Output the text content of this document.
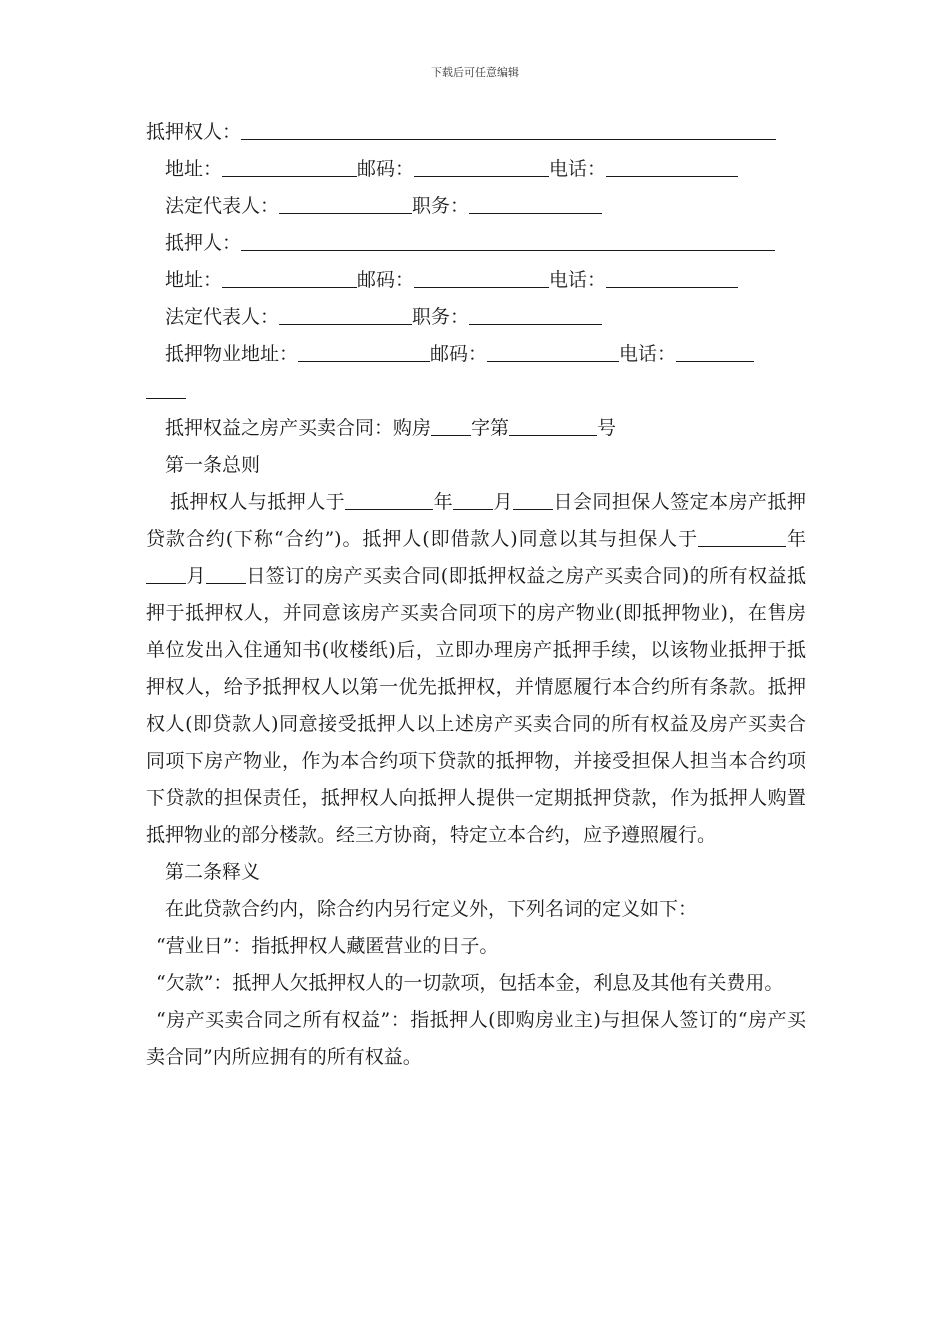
下载后可任意编辑
抵押权人：
地址：	邮码：	电话：
法定代表人：	职务：
抵押人：
地址：	邮码：	电话：
法定代表人：	职务：
抵押物业地址：	邮码：	电话：
抵押权益之房产买卖合同：购房 字第	号
第一条总则
抵押权人与抵押人于	年 月 日会同担保人签定本房产抵押贷款合约(下称“合约”)。抵押人(即借款人)同意以其与担保人于	年月 日签订的房产买卖合同(即抵押权益之房产买卖合同)的所有权益抵押于抵押权人，并同意该房产买卖合同项下的房产物业(即抵押物业)，在售房单位发出入住通知书(收楼纸)后，立即办理房产抵押手续，以该物业抵押于抵押权人，给予抵押权人以第一优先抵押权，并情愿履行本合约所有条款。抵押权人(即贷款人)同意接受抵押人以上述房产买卖合同的所有权益及房产买卖合同项下房产物业，作为本合约项下贷款的抵押物，并接受担保人担当本合约项下贷款的担保责任，抵押权人向抵押人提供一定期抵押贷款，作为抵押人购置抵押物业的部分楼款。经三方协商，特定立本合约，应予遵照履行。
第二条释义
在此贷款合约内，除合约内另行定义外，下列名词的定义如下：
“营业日”：指抵押权人藏匿营业的日子。
“欠款”：抵押人欠抵押权人的一切款项，包括本金，利息及其他有关费用。
“房产买卖合同之所有权益”：指抵押人(即购房业主)与担保人签订的“房产买卖合同”内所应拥有的所有权益。
